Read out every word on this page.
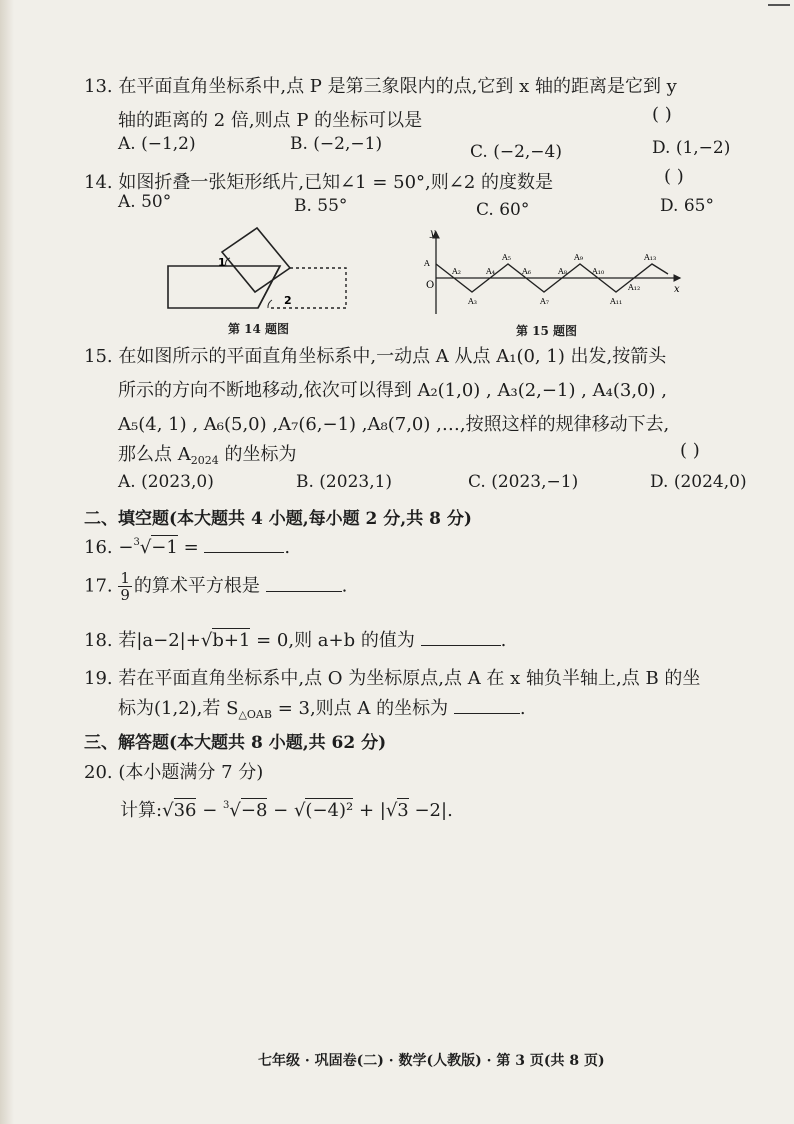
13. 在平面直角坐标系中,点 P 是第三象限内的点,它到 x 轴的距离是它到 y
轴的距离的 2 倍,则点 P 的坐标可以是	( )
A. (−1,2)	B. (−2,−1)	C. (−2,−4)	D. (1,−2)
14. 如图折叠一张矩形纸片,已知∠1 = 50°,则∠2 的度数是	( )
A. 50°	B. 55°	C. 60°	D. 65°
1
2
第 14 题图
y
x
O
A
A₂
A₃
A₄
A₅
A₆
A₇
A₈
A₉
A₁₀
A₁₁
A₁₂
A₁₃
第 15 题图
15. 在如图所示的平面直角坐标系中,一动点 A 从点 A₁(0, 1) 出发,按箭头
所示的方向不断地移动,依次可以得到 A₂(1,0) , A₃(2,−1) , A₄(3,0) ,
A₅(4, 1) , A₆(5,0) ,A₇(6,−1) ,A₈(7,0) ,…,按照这样的规律移动下去,
那么点 $A_{2024}$ 的坐标为	( )
A. (2023,0)	B. (2023,1)	C. (2023,−1)	D. (2024,0)
二、填空题(本大题共 4 小题,每小题 2 分,共 8 分)
16. −$^3$√−1 =	.
17. $\frac{1}{9}$ 的算术平方根是	.
18. 若|a−2|+√b+1 = 0,则 a+b 的值为	.
19. 若在平面直角坐标系中,点 O 为坐标原点,点 A 在 x 轴负半轴上,点 B 的坐
标为(1,2),若 $S_{\triangle OAB} = 3$,则点 A 的坐标为	.
三、解答题(本大题共 8 小题,共 62 分)
20. (本小题满分 7 分)
计算:√36 − $^3$√−8 − √(−4)² + |√3 −2|.
七年级 · 巩固卷(二) · 数学(人教版) · 第 3 页(共 8 页)
